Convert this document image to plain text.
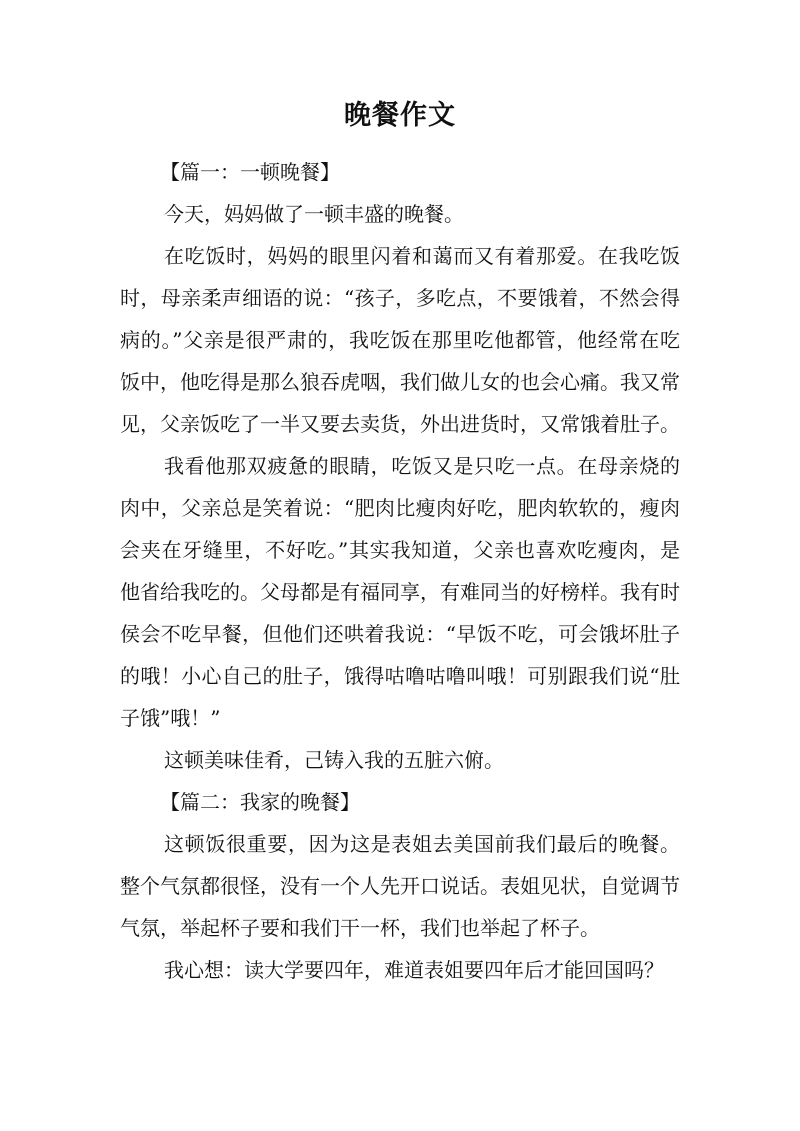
晚餐作文

【篇一：一顿晚餐】

今天，妈妈做了一顿丰盛的晚餐。

在吃饭时，妈妈的眼里闪着和蔼而又有着那爱。在我吃饭时，母亲柔声细语的说：“孩子，多吃点，不要饿着，不然会得病的。”父亲是很严肃的，我吃饭在那里吃他都管，他经常在吃饭中，他吃得是那么狼吞虎咽，我们做儿女的也会心痛。我又常见，父亲饭吃了一半又要去卖货，外出进货时，又常饿着肚子。

我看他那双疲惫的眼睛，吃饭又是只吃一点。在母亲烧的肉中，父亲总是笑着说：“肥肉比瘦肉好吃，肥肉软软的，瘦肉会夹在牙缝里，不好吃。”其实我知道，父亲也喜欢吃瘦肉，是他省给我吃的。父母都是有福同享，有难同当的好榜样。我有时侯会不吃早餐，但他们还哄着我说：“早饭不吃，可会饿坏肚子的哦！小心自己的肚子，饿得咕噜咕噜叫哦！可别跟我们说“肚子饿”哦！”

这顿美味佳肴，己铸入我的五脏六俯。

【篇二：我家的晚餐】

这顿饭很重要，因为这是表姐去美国前我们最后的晚餐。整个气氛都很怪，没有一个人先开口说话。表姐见状，自觉调节气氛，举起杯子要和我们干一杯，我们也举起了杯子。

我心想：读大学要四年，难道表姐要四年后才能回国吗？
